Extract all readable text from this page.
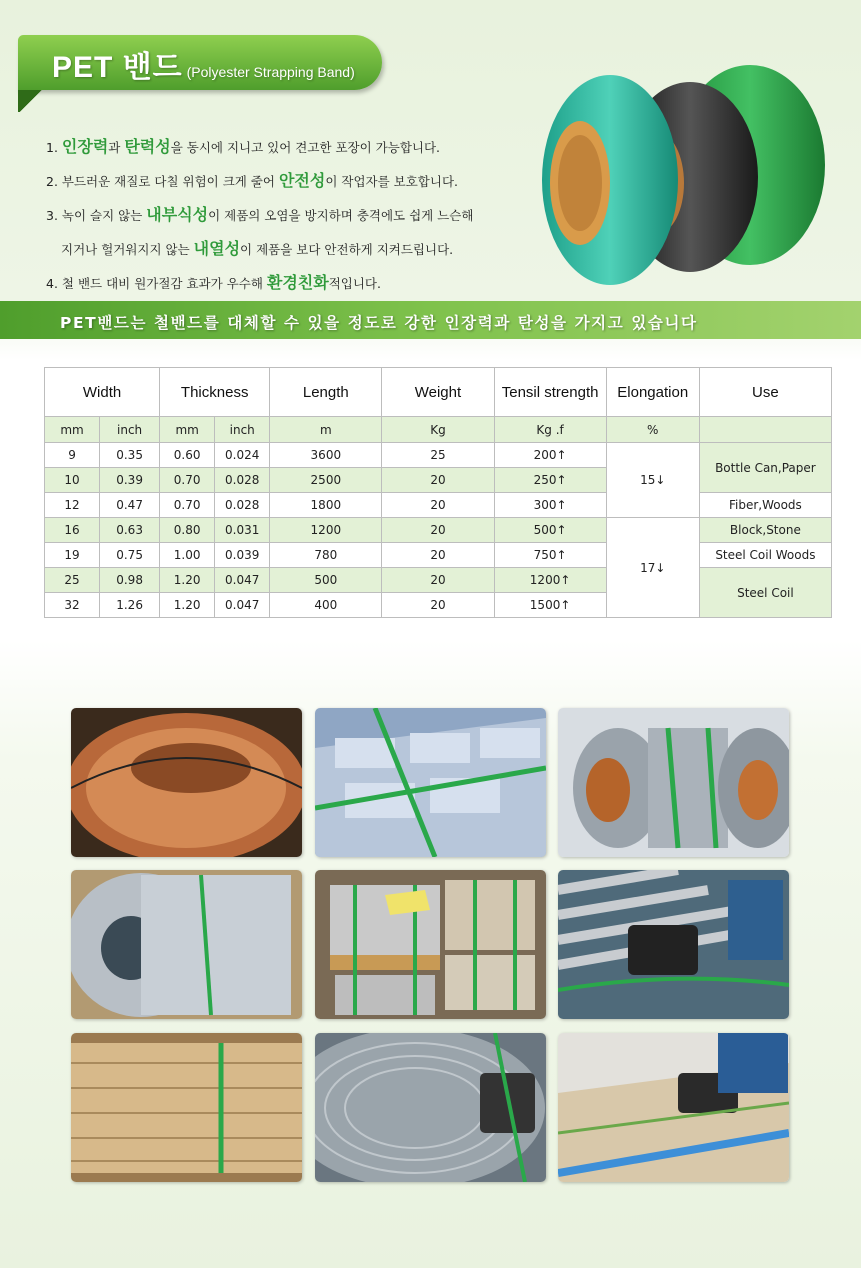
PET 밴드 (Polyester Strapping Band)
1. 인장력과 탄력성을 동시에 지니고 있어 견고한 포장이 가능합니다.
2. 부드러운 재질로 다칠 위험이 크게 줄어 안전성이 작업자를 보호합니다.
3. 녹이 슬지 않는 내부식성이 제품의 오염을 방지하며 충격에도 쉽게 느슨해
지거나 헐거워지지 않는 내열성이 제품을 보다 안전하게 지켜드립니다.
4. 철 밴드 대비 원가절감 효과가 우수해 환경친화적입니다.
PET밴드는 철밴드를 대체할 수 있을 정도로 강한 인장력과 탄성을 가지고 있습니다
Width		Thickness		Length	Weight	Tensil strength	Elongation	Use
mm	inch	mm	inch	m	Kg	Kg .f	%	
9	0.35	0.60	0.024	3600	25	200↑	15↓	Bottle Can,Paper
10	0.39	0.70	0.028	2500	20	250↑		
12	0.47	0.70	0.028	1800	20	300↑		Fiber,Woods
16	0.63	0.80	0.031	1200	20	500↑	17↓	Block,Stone
19	0.75	1.00	0.039	780	20	750↑		Steel Coil Woods
25	0.98	1.20	0.047	500	20	1200↑		Steel Coil
32	1.26	1.20	0.047	400	20	1500↑		
